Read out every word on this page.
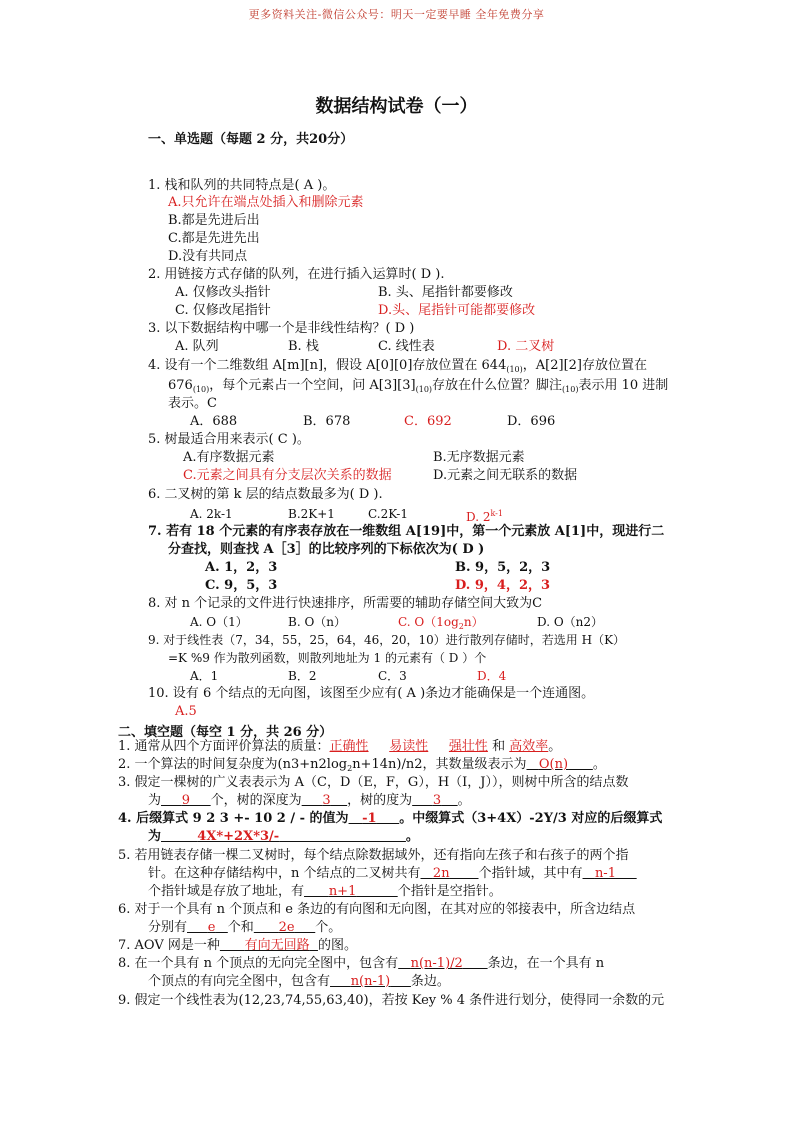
更多资料关注-微信公众号：明天一定要早睡 全年免费分享
数据结构试卷（一）
一、单选题（每题 2 分，共20分）
1. 栈和队列的共同特点是( A )。
A.只允许在端点处插入和删除元素
B.都是先进后出
C.都是先进先出
D.没有共同点
2. 用链接方式存储的队列，在进行插入运算时( D ).
A. 仅修改头指针	B. 头、尾指针都要修改
C. 仅修改尾指针	D.头、尾指针可能都要修改
3. 以下数据结构中哪一个是非线性结构？( D )
A. 队列	B. 栈	C. 线性表	D. 二叉树
4. 设有一个二维数组 A[m][n]，假设 A[0][0]存放位置在 $644_{(10)}$，A[2][2]存放位置在
$676_{(10)}$，每个元素占一个空间，问 $A[3][3]_{(10)}$存放在什么位置？脚注$_{(10)}$表示用 10 进制
表示。C
A．688	B．678	C．692	D．696
5. 树最适合用来表示( C )。
A.有序数据元素	B.无序数据元素
C.元素之间具有分支层次关系的数据	D.元素之间无联系的数据
6. 二叉树的第 k 层的结点数最多为( D ).
A. 2k-1	B.2K+1	C.2K-1	D. 2$^{k-1}$
7. 若有 18 个元素的有序表存放在一维数组 A[19]中，第一个元素放 A[1]中，现进行二
分查找，则查找 A［3］的比较序列的下标依次为( D )
A. 1，2，3	B. 9，5，2，3
C. 9，5，3	D. 9，4，2，3
8. 对 n 个记录的文件进行快速排序，所需要的辅助存储空间大致为C
A. O（1）	B. O（n）	C. $O(1og_2n)$	D. O（n2）
9. 对于线性表（7，34，55，25，64，46，20，10）进行散列存储时，若选用 H（K）
=K %9 作为散列函数，则散列地址为 1 的元素有（ D ）个
A．1	B．2	C．3	D．4
10. 设有 6 个结点的无向图，该图至少应有( A )条边才能确保是一个连通图。
A.5
二、填空题（每空 1 分，共 26 分）
1. 通常从四个方面评价算法的质量：正确性 易读性 强壮性 和 高效率。
2. 一个算法的时间复杂度为$(n3+n2\log_2n+14n)/n2$，其数量级表示为 O(n) 。
3. 假定一棵树的广义表表示为 A（C，D（E，F，G），H（I，J）），则树中所含的结点数
为 9 个，树的深度为 3 ，树的度为 3 。
4. 后缀算式 9 2 3 +- 10 2 / - 的值为 -1 。中缀算式（3+4X）-2Y/3 对应的后缀算式
为	4X*+2X*3/-	。
5. 若用链表存储一棵二叉树时，每个结点除数据域外，还有指向左孩子和右孩子的两个指
针。在这种存储结构中，n 个结点的二叉树共有 2n 个指针域，其中有 n-1
个指针域是存放了地址，有 n+1	个指针是空指针。
6. 对于一个具有 n 个顶点和 e 条边的有向图和无向图，在其对应的邻接表中，所含边结点
分别有 e 个和 2e 个。
7. AOV 网是一种 有向无回路 的图。
8. 在一个具有 n 个顶点的无向完全图中，包含有 n(n-1)/2 条边，在一个具有 n
个顶点的有向完全图中，包含有 n(n-1) 条边。
9. 假定一个线性表为(12,23,74,55,63,40)，若按 Key % 4 条件进行划分，使得同一余数的元
